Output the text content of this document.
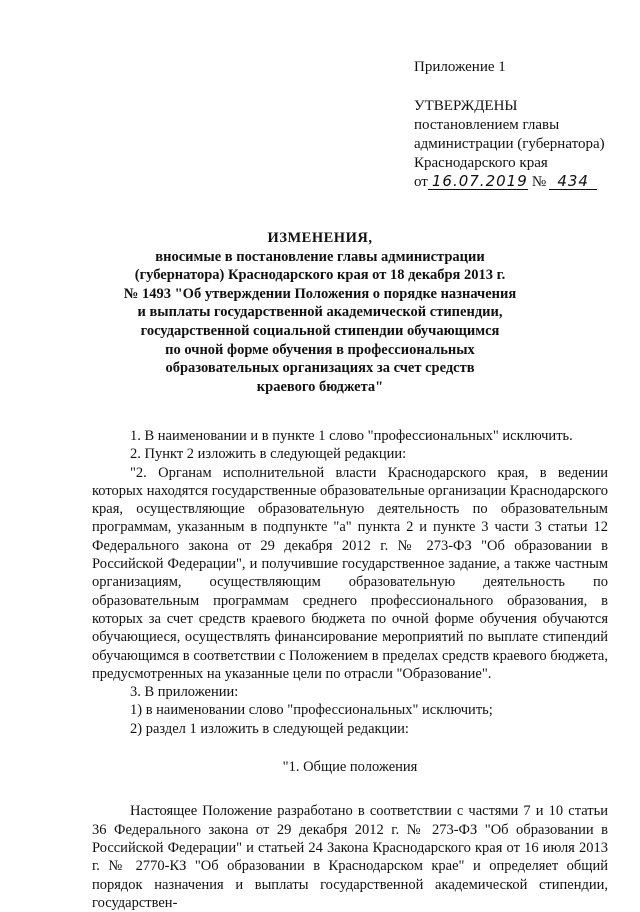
Приложение 1
УТВЕРЖДЕНЫ
постановлением главы
администрации (губернатора)
Краснодарского края
от 16.07.2019 № 434
ИЗМЕНЕНИЯ,
вносимые в постановление главы администрации
(губернатора) Краснодарского края от 18 декабря 2013 г.
№ 1493 "Об утверждении Положения о порядке назначения
и выплаты государственной академической стипендии,
государственной социальной стипендии обучающимся
по очной форме обучения в профессиональных
образовательных организациях за счет средств
краевого бюджета"

1. В наименовании и в пункте 1 слово "профессиональных" исключить.

2. Пункт 2 изложить в следующей редакции:

"2. Органам исполнительной власти Краснодарского края, в ведении которых находятся государственные образовательные организации Краснодарского края, осуществляющие образовательную деятельность по образовательным программам, указанным в подпункте "а" пункта 2 и пункте 3 части 3 статьи 12 Федерального закона от 29 декабря 2012 г. № 273-ФЗ "Об образовании в Российской Федерации", и получившие государственное задание, а также частным организациям, осуществляющим образовательную деятельность по образовательным программам среднего профессионального образования, в которых за счет средств краевого бюджета по очной форме обучения обучаются обучающиеся, осуществлять финансирование мероприятий по выплате стипендий обучающимся в соответствии с Положением в пределах средств краевого бюджета, предусмотренных на указанные цели по отрасли "Образование".

3. В приложении:

1) в наименовании слово "профессиональных" исключить;

2) раздел 1 изложить в следующей редакции:

"1. Общие положения

Настоящее Положение разработано в соответствии с частями 7 и 10 статьи 36 Федерального закона от 29 декабря 2012 г. № 273-ФЗ "Об образовании в Российской Федерации" и статьей 24 Закона Краснодарского края от 16 июля 2013 г. № 2770-КЗ "Об образовании в Краснодарском крае" и определяет общий порядок назначения и выплаты государственной академической стипендии, государствен-
